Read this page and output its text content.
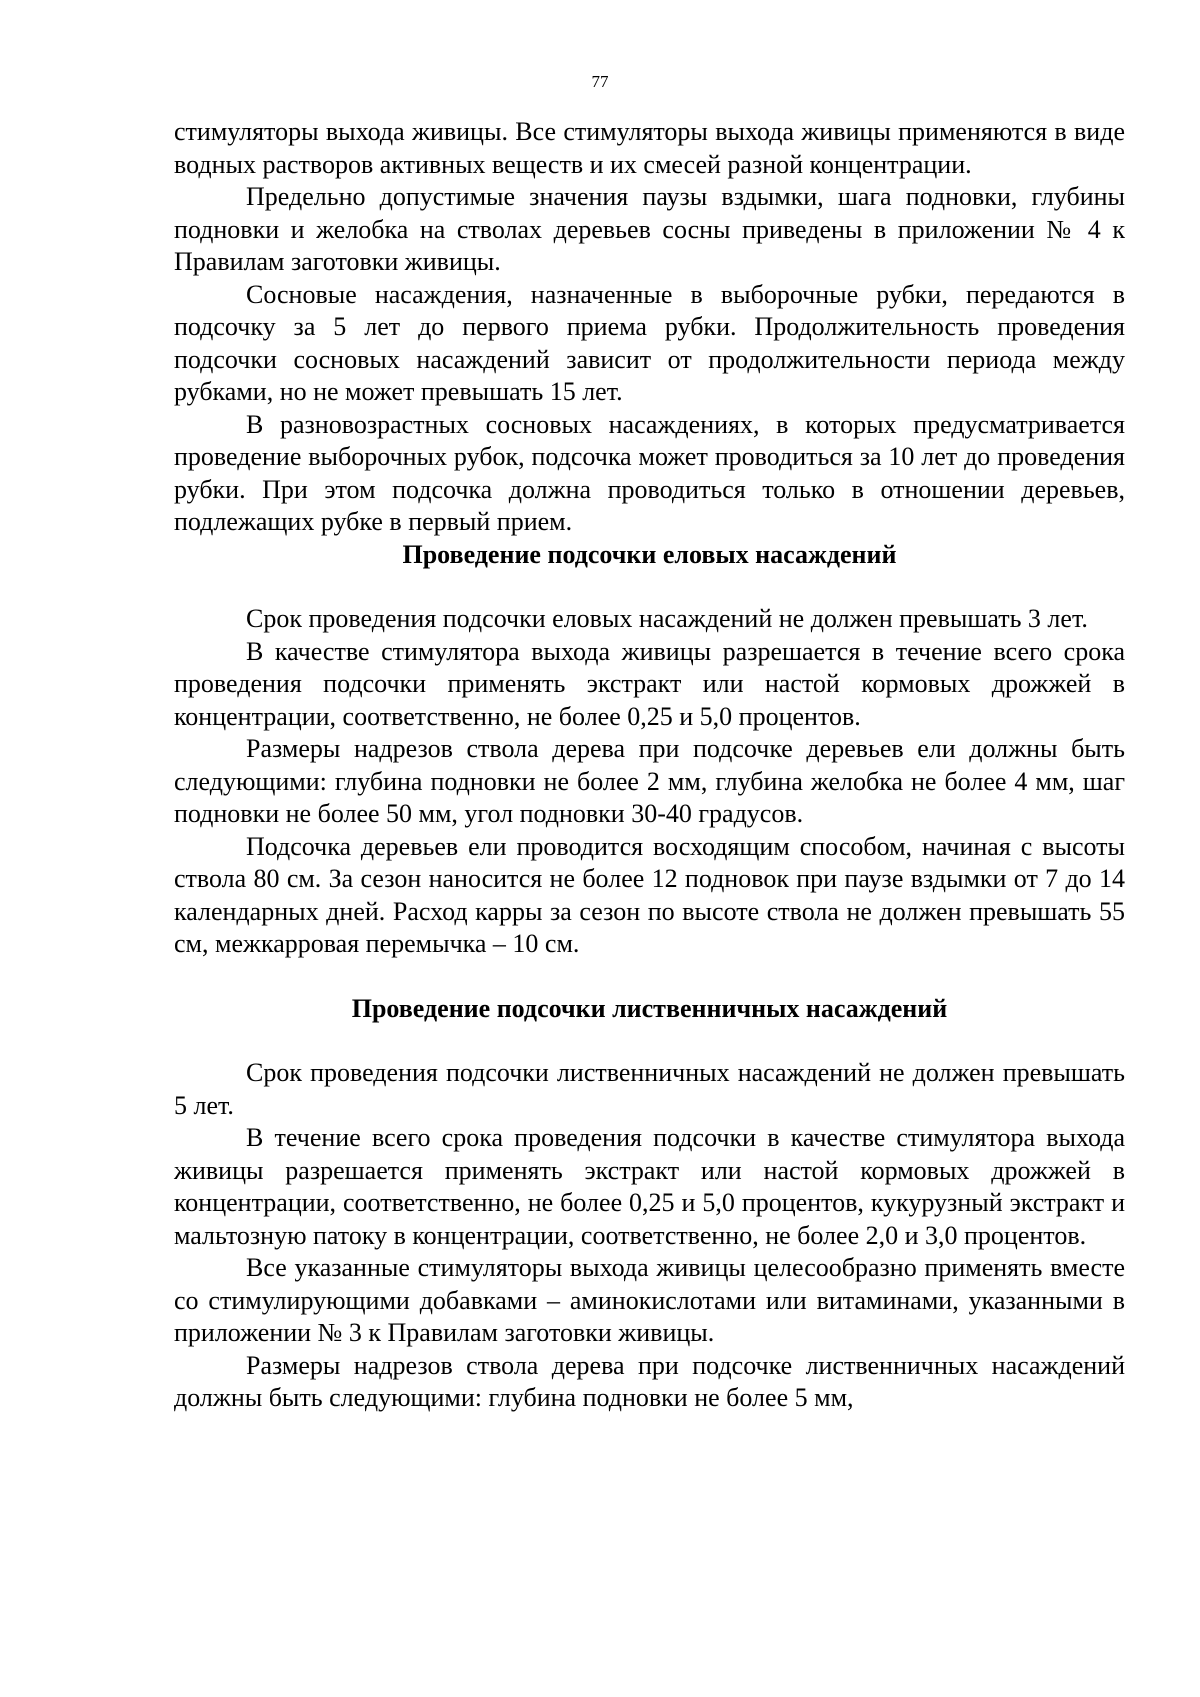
77

стимуляторы выхода живицы. Все стимуляторы выхода живицы применяются в виде водных растворов активных веществ и их смесей разной концентрации.

Предельно допустимые значения паузы вздымки, шага подновки, глубины подновки и желобка на стволах деревьев сосны приведены в приложении № 4 к Правилам заготовки живицы.

Сосновые насаждения, назначенные в выборочные рубки, передаются в подсочку за 5 лет до первого приема рубки. Продолжительность проведения подсочки сосновых насаждений зависит от продолжительности периода между рубками, но не может превышать 15 лет.

В разновозрастных сосновых насаждениях, в которых предусматривается проведение выборочных рубок, подсочка может проводиться за 10 лет до проведения рубки. При этом подсочка должна проводиться только в отношении деревьев, подлежащих рубке в первый прием.

Проведение подсочки еловых насаждений

Срок проведения подсочки еловых насаждений не должен превышать 3 лет.

В качестве стимулятора выхода живицы разрешается в течение всего срока проведения подсочки применять экстракт или настой кормовых дрожжей в концентрации, соответственно, не более 0,25 и 5,0 процентов.

Размеры надрезов ствола дерева при подсочке деревьев ели должны быть следующими: глубина подновки не более 2 мм, глубина желобка не более 4 мм, шаг подновки не более 50 мм, угол подновки 30-40 градусов.

Подсочка деревьев ели проводится восходящим способом, начиная с высоты ствола 80 см. За сезон наносится не более 12 подновок при паузе вздымки от 7 до 14 календарных дней. Расход карры за сезон по высоте ствола не должен превышать 55 см, межкарровая перемычка – 10 см.

Проведение подсочки лиственничных насаждений

Срок проведения подсочки лиственничных насаждений не должен превышать 5 лет.

В течение всего срока проведения подсочки в качестве стимулятора выхода живицы разрешается применять экстракт или настой кормовых дрожжей в концентрации, соответственно, не более 0,25 и 5,0 процентов, кукурузный экстракт и мальтозную патоку в концентрации, соответственно, не более 2,0 и 3,0 процентов.

Все указанные стимуляторы выхода живицы целесообразно применять вместе со стимулирующими добавками – аминокислотами или витаминами, указанными в приложении № 3 к Правилам заготовки живицы.

Размеры надрезов ствола дерева при подсочке лиственничных насаждений должны быть следующими: глубина подновки не более 5 мм,
